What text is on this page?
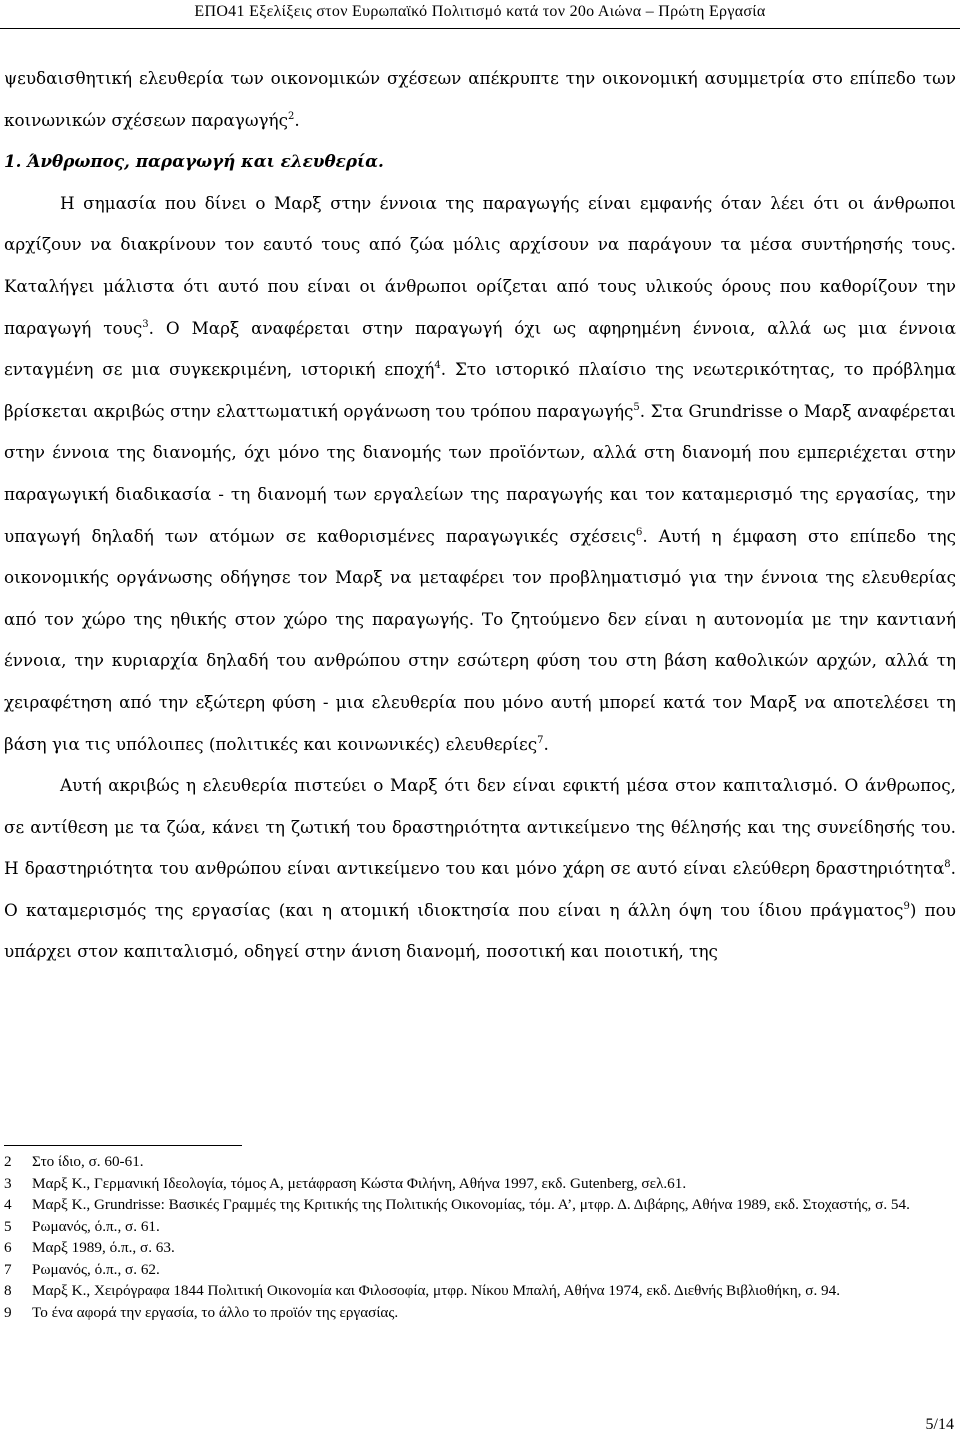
ΕΠΟ41 Εξελίξεις στον Ευρωπαϊκό Πολιτισμό κατά τον 20ο Αιώνα – Πρώτη Εργασία

ψευδαισθητική ελευθερία των οικονομικών σχέσεων απέκρυπτε την οικονομική ασυμμετρία στο επίπεδο των κοινωνικών σχέσεων παραγωγής$^2$.

1. Άνθρωπος, παραγωγή και ελευθερία.

Η σημασία που δίνει ο Μαρξ στην έννοια της παραγωγής είναι εμφανής όταν λέει ότι οι άνθρωποι αρχίζουν να διακρίνουν τον εαυτό τους από ζώα μόλις αρχίσουν να παράγουν τα μέσα συντήρησής τους. Καταλήγει μάλιστα ότι αυτό που είναι οι άνθρωποι ορίζεται από τους υλικούς όρους που καθορίζουν την παραγωγή τους$^3$. Ο Μαρξ αναφέρεται στην παραγωγή όχι ως αφηρημένη έννοια, αλλά ως μια έννοια ενταγμένη σε μια συγκεκριμένη, ιστορική εποχή$^4$. Στο ιστορικό πλαίσιο της νεωτερικότητας, το πρόβλημα βρίσκεται ακριβώς στην ελαττωματική οργάνωση του τρόπου παραγωγής$^5$. Στα Grundrisse ο Μαρξ αναφέρεται στην έννοια της διανομής, όχι μόνο της διανομής των προϊόντων, αλλά στη διανομή που εμπεριέχεται στην παραγωγική διαδικασία - τη διανομή των εργαλείων της παραγωγής και τον καταμερισμό της εργασίας, την υπαγωγή δηλαδή των ατόμων σε καθορισμένες παραγωγικές σχέσεις$^6$. Αυτή η έμφαση στο επίπεδο της οικονομικής οργάνωσης οδήγησε τον Μαρξ να μεταφέρει τον προβληματισμό για την έννοια της ελευθερίας από τον χώρο της ηθικής στον χώρο της παραγωγής. Το ζητούμενο δεν είναι η αυτονομία με την καντιανή έννοια, την κυριαρχία δηλαδή του ανθρώπου στην εσώτερη φύση του στη βάση καθολικών αρχών, αλλά τη χειραφέτηση από την εξώτερη φύση - μια ελευθερία που μόνο αυτή μπορεί κατά τον Μαρξ να αποτελέσει τη βάση για τις υπόλοιπες (πολιτικές και κοινωνικές) ελευθερίες$^7$.

Αυτή ακριβώς η ελευθερία πιστεύει ο Μαρξ ότι δεν είναι εφικτή μέσα στον καπιταλισμό. Ο άνθρωπος, σε αντίθεση με τα ζώα, κάνει τη ζωτική του δραστηριότητα αντικείμενο της θέλησής και της συνείδησής του. Η δραστηριότητα του ανθρώπου είναι αντικείμενο του και μόνο χάρη σε αυτό είναι ελεύθερη δραστηριότητα$^8$. Ο καταμερισμός της εργασίας (και η ατομική ιδιοκτησία που είναι η άλλη όψη του ίδιου πράγματος$^9$) που υπάρχει στον καπιταλισμό, οδηγεί στην άνιση διανομή, ποσοτική και ποιοτική, της

2	Στο ίδιο, σ. 60-61.
3	Μαρξ Κ., Γερμανική Ιδεολογία, τόμος Α, μετάφραση Κώστα Φιλήνη, Αθήνα 1997, εκδ. Gutenberg, σελ.61.
4	Μαρξ Κ., Grundrisse: Βασικές Γραμμές της Κριτικής της Πολιτικής Οικονομίας, τόμ. Α’, μτφρ. Δ. Διβάρης, Αθήνα 1989, εκδ. Στοχαστής, σ. 54.
5	Ρωμανός, ό.π., σ. 61.
6	Μαρξ 1989, ό.π., σ. 63.
7	Ρωμανός, ό.π., σ. 62.
8	Μαρξ Κ., Χειρόγραφα 1844 Πολιτική Οικονομία και Φιλοσοφία, μτφρ. Νίκου Μπαλή, Αθήνα 1974, εκδ. Διεθνής Βιβλιοθήκη, σ. 94.
9	Το ένα αφορά την εργασία, το άλλο το προϊόν της εργασίας.
5/14
